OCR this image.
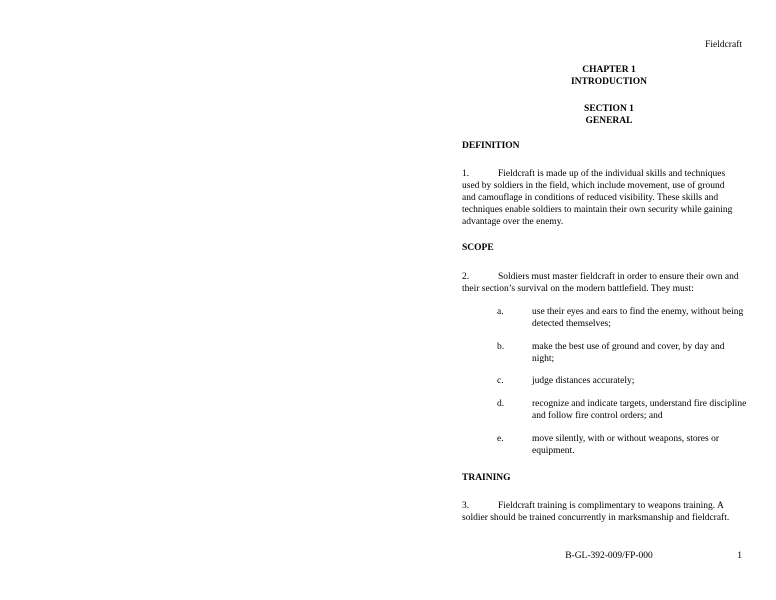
Fieldcraft
CHAPTER 1
INTRODUCTION
SECTION 1
GENERAL
DEFINITION
1.	Fieldcraft is made up of the individual skills and techniques used by soldiers in the field, which include movement, use of ground and camouflage in conditions of reduced visibility. These skills and techniques enable soldiers to maintain their own security while gaining advantage over the enemy.
SCOPE
2.	Soldiers must master fieldcraft in order to ensure their own and their section’s survival on the modern battlefield. They must:
a.	use their eyes and ears to find the enemy, without being detected themselves;
b.	make the best use of ground and cover, by day and night;
c.	judge distances accurately;
d.	recognize and indicate targets, understand fire discipline and follow fire control orders; and
e.	move silently, with or without weapons, stores or equipment.
TRAINING
3.	Fieldcraft training is complimentary to weapons training. A soldier should be trained concurrently in marksmanship and fieldcraft.
B-GL-392-009/FP-000	1
